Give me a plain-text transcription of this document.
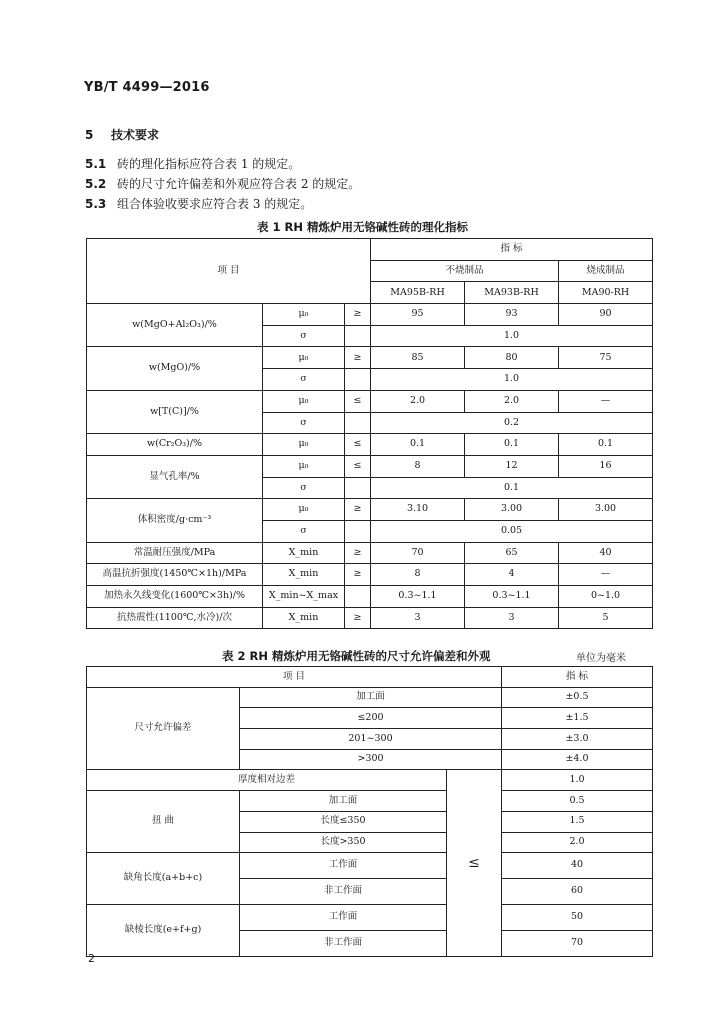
YB/T 4499—2016
5 技术要求
5.1 砖的理化指标应符合表 1 的规定。
5.2 砖的尺寸允许偏差和外观应符合表 2 的规定。
5.3 组合体验收要求应符合表 3 的规定。
表 1 RH 精炼炉用无铬碱性砖的理化指标
项 目			指 标		
			不烧制品		烧成制品
			MA95B-RH	MA93B-RH	MA90-RH
w(MgO+Al₂O₃)/%	μ₀	≥	95	93	90
	σ		1.0		
w(MgO)/%	μ₀	≥	85	80	75
	σ		1.0		
w[T(C)]/%	μ₀	≤	2.0	2.0	—
	σ		0.2		
w(Cr₂O₃)/%	μ₀	≤	0.1	0.1	0.1
显气孔率/%	μ₀	≤	8	12	16
	σ		0.1		
体积密度/g·cm⁻³	μ₀	≥	3.10	3.00	3.00
	σ		0.05		
常温耐压强度/MPa	X_min	≥	70	65	40
高温抗折强度(1450℃×1h)/MPa	X_min	≥	8	4	—
加热永久线变化(1600℃×3h)/%	X_min~X_max		0.3~1.1	0.3~1.1	0~1.0
抗热震性(1100℃,水冷)/次	X_min	≥	3	3	5
表 2 RH 精炼炉用无铬碱性砖的尺寸允许偏差和外观	单位为毫米
项 目			指 标
尺寸允许偏差	加工面		±0.5
	≤200		±1.5
	201~300		±3.0
	>300		±4.0
厚度相对边差		≤	1.0
扭 曲	加工面		0.5
	长度≤350		1.5
	长度>350		2.0
缺角长度(a+b+c)	工作面		40
	非工作面		60
缺棱长度(e+f+g)	工作面		50
	非工作面		70
2
